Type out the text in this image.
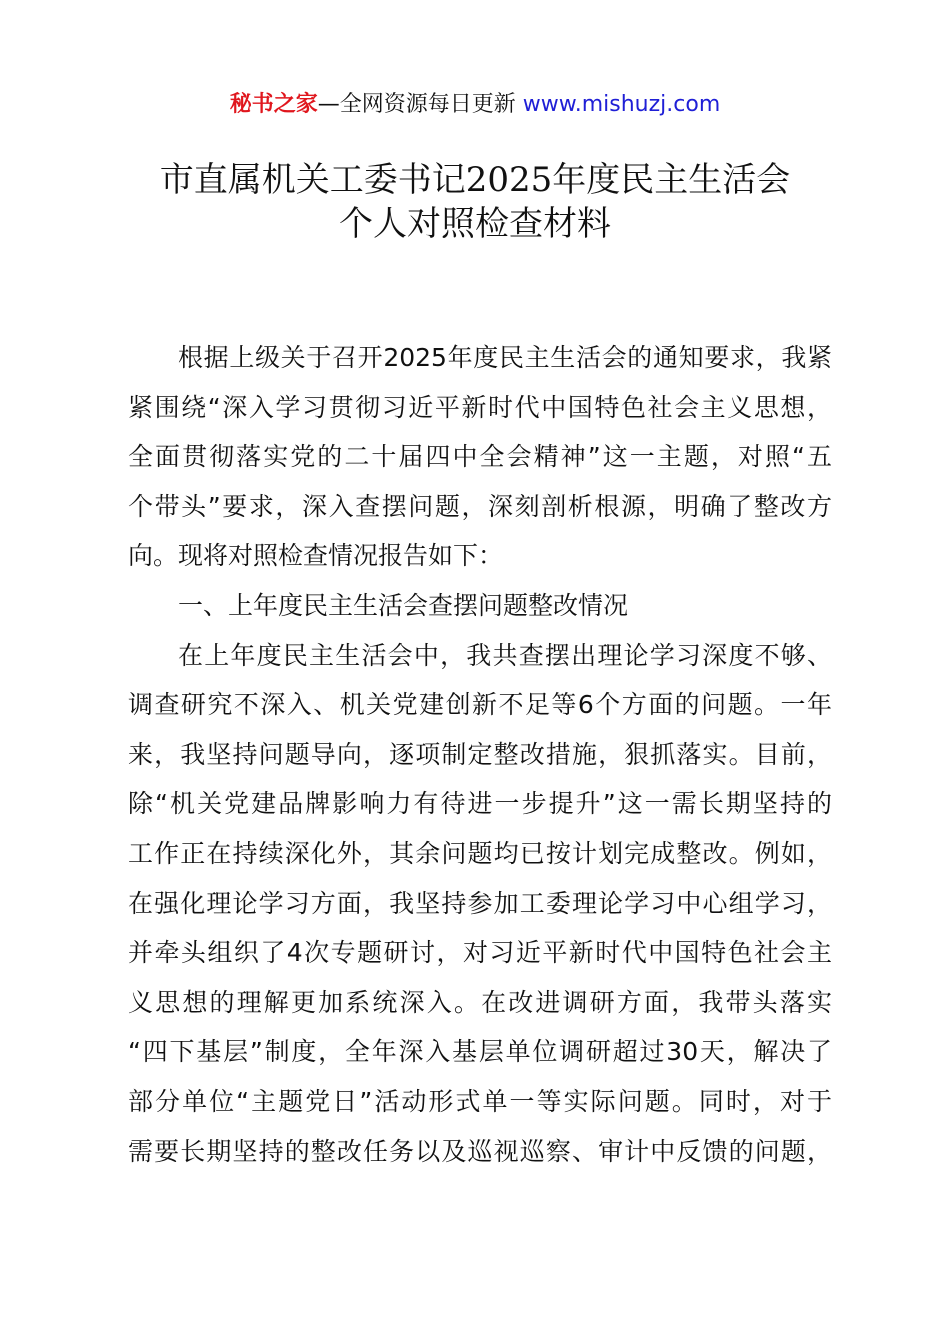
秘书之家—全网资源每日更新 www.mishuzj.com
市直属机关工委书记2025年度民主生活会
个人对照检查材料
根据上级关于召开2025年度民主生活会的通知要求，我紧
紧围绕“深入学习贯彻习近平新时代中国特色社会主义思想，
全面贯彻落实党的二十届四中全会精神”这一主题，对照“五
个带头”要求，深入查摆问题，深刻剖析根源，明确了整改方
向。现将对照检查情况报告如下：
一、上年度民主生活会查摆问题整改情况
在上年度民主生活会中，我共查摆出理论学习深度不够、
调查研究不深入、机关党建创新不足等6个方面的问题。一年
来，我坚持问题导向，逐项制定整改措施，狠抓落实。目前，
除“机关党建品牌影响力有待进一步提升”这一需长期坚持的
工作正在持续深化外，其余问题均已按计划完成整改。例如，
在强化理论学习方面，我坚持参加工委理论学习中心组学习，
并牵头组织了4次专题研讨，对习近平新时代中国特色社会主
义思想的理解更加系统深入。在改进调研方面，我带头落实
“四下基层”制度，全年深入基层单位调研超过30天，解决了
部分单位“主题党日”活动形式单一等实际问题。同时，对于
需要长期坚持的整改任务以及巡视巡察、审计中反馈的问题，
